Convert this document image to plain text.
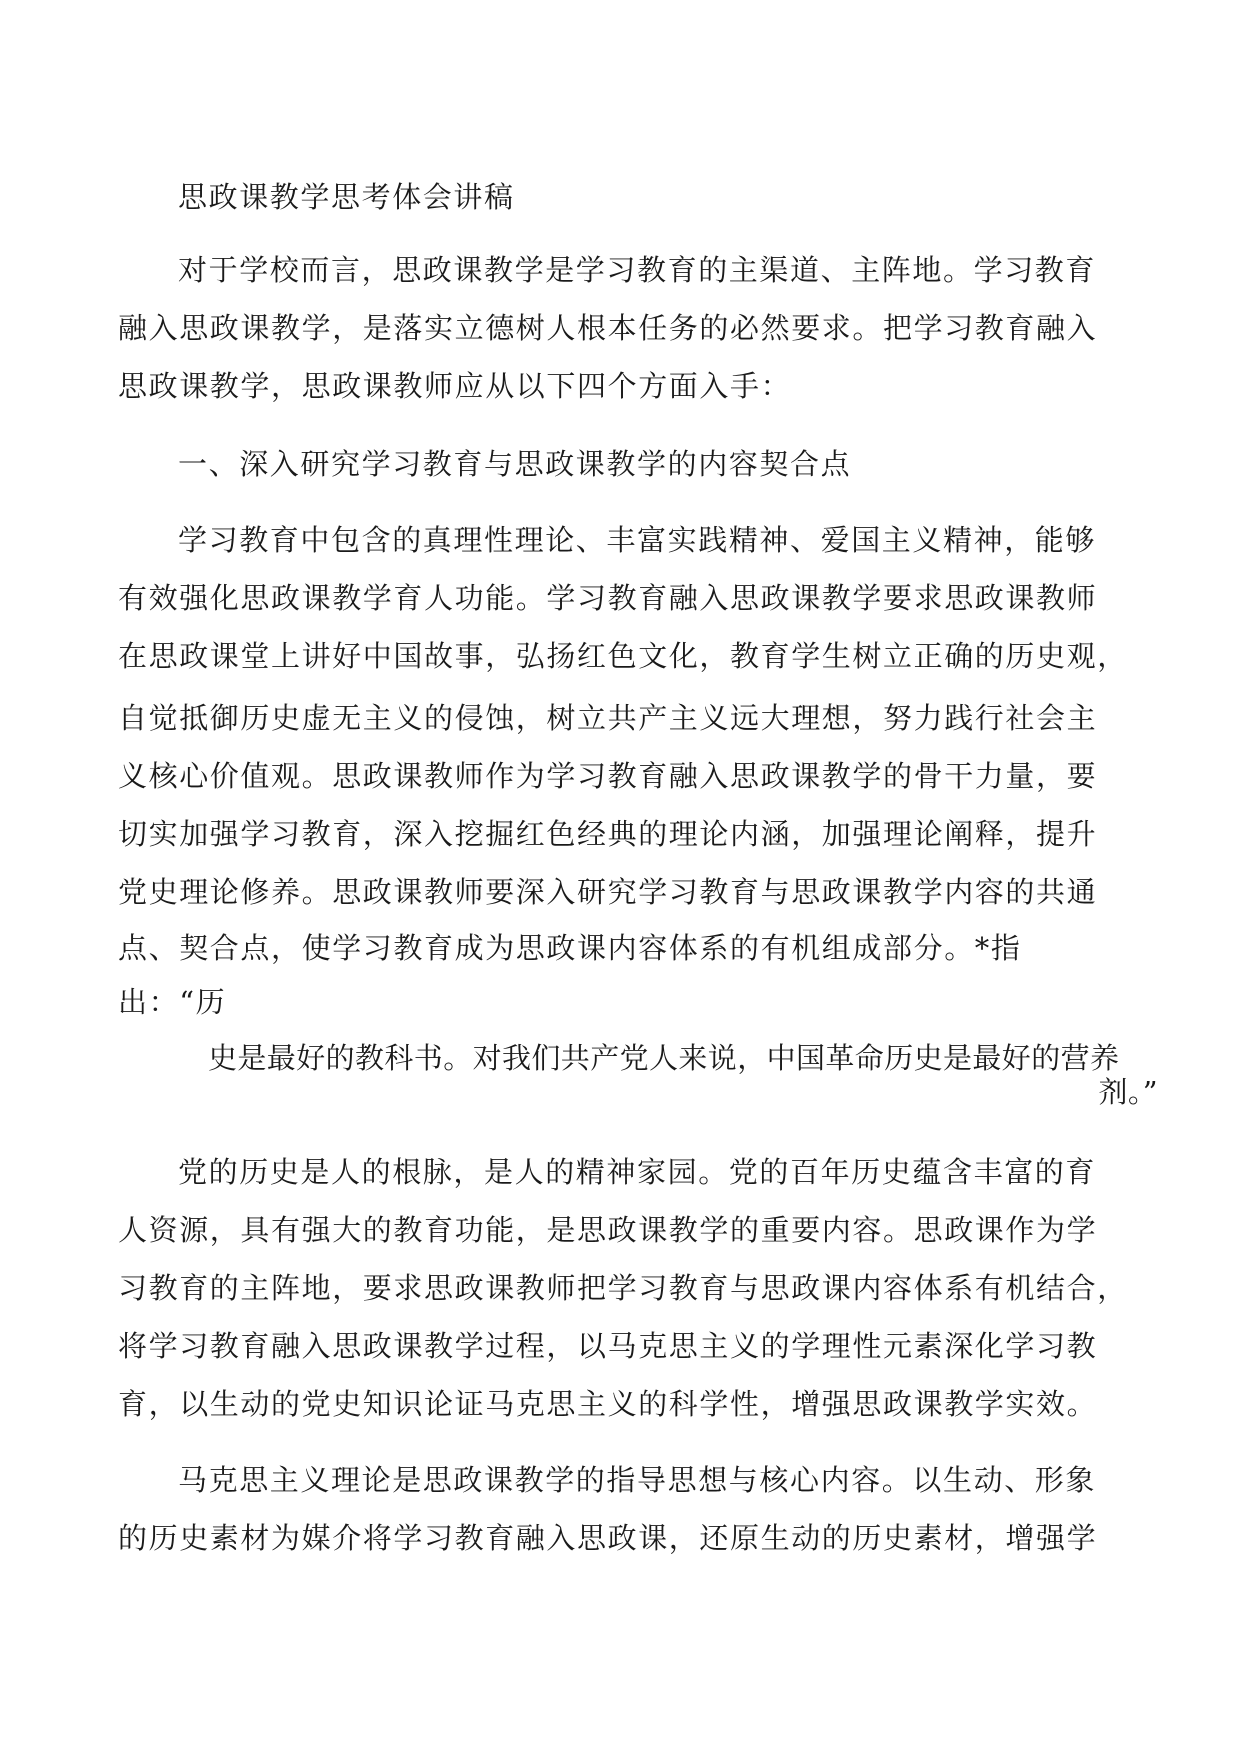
思政课教学思考体会讲稿
对于学校而言，思政课教学是学习教育的主渠道、主阵地。学习教育
融入思政课教学，是落实立德树人根本任务的必然要求。把学习教育融入
思政课教学，思政课教师应从以下四个方面入手：
一、深入研究学习教育与思政课教学的内容契合点
学习教育中包含的真理性理论、丰富实践精神、爱国主义精神，能够
有效强化思政课教学育人功能。学习教育融入思政课教学要求思政课教师
在思政课堂上讲好中国故事，弘扬红色文化，教育学生树立正确的历史观，
自觉抵御历史虚无主义的侵蚀，树立共产主义远大理想，努力践行社会主
义核心价值观。思政课教师作为学习教育融入思政课教学的骨干力量，要
切实加强学习教育，深入挖掘红色经典的理论内涵，加强理论阐释，提升
党史理论修养。思政课教师要深入研究学习教育与思政课教学内容的共通
点、契合点，使学习教育成为思政课内容体系的有机组成部分。*指
出：“历
史是最好的教科书。对我们共产党人来说，中国革命历史是最好的营养
剂。”
党的历史是人的根脉，是人的精神家园。党的百年历史蕴含丰富的育
人资源，具有强大的教育功能，是思政课教学的重要内容。思政课作为学
习教育的主阵地，要求思政课教师把学习教育与思政课内容体系有机结合，
将学习教育融入思政课教学过程，以马克思主义的学理性元素深化学习教
育，以生动的党史知识论证马克思主义的科学性，增强思政课教学实效。
马克思主义理论是思政课教学的指导思想与核心内容。以生动、形象
的历史素材为媒介将学习教育融入思政课，还原生动的历史素材，增强学
